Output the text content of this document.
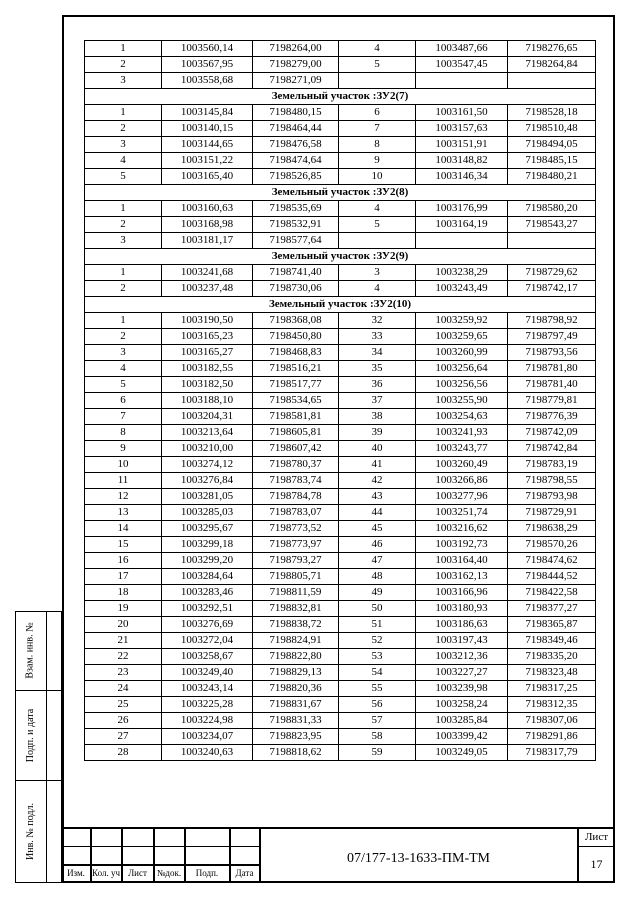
1	1003560,14	7198264,00	4	1003487,66	7198276,65
2	1003567,95	7198279,00	5	1003547,45	7198264,84
3	1003558,68	7198271,09			
Земельный участок :ЗУ2(7)					
1	1003145,84	7198480,15	6	1003161,50	7198528,18
2	1003140,15	7198464,44	7	1003157,63	7198510,48
3	1003144,65	7198476,58	8	1003151,91	7198494,05
4	1003151,22	7198474,64	9	1003148,82	7198485,15
5	1003165,40	7198526,85	10	1003146,34	7198480,21
Земельный участок :ЗУ2(8)					
1	1003160,63	7198535,69	4	1003176,99	7198580,20
2	1003168,98	7198532,91	5	1003164,19	7198543,27
3	1003181,17	7198577,64			
Земельный участок :ЗУ2(9)					
1	1003241,68	7198741,40	3	1003238,29	7198729,62
2	1003237,48	7198730,06	4	1003243,49	7198742,17
Земельный участок :ЗУ2(10)					
1	1003190,50	7198368,08	32	1003259,92	7198798,92
2	1003165,23	7198450,80	33	1003259,65	7198797,49
3	1003165,27	7198468,83	34	1003260,99	7198793,56
4	1003182,55	7198516,21	35	1003256,64	7198781,80
5	1003182,50	7198517,77	36	1003256,56	7198781,40
6	1003188,10	7198534,65	37	1003255,90	7198779,81
7	1003204,31	7198581,81	38	1003254,63	7198776,39
8	1003213,64	7198605,81	39	1003241,93	7198742,09
9	1003210,00	7198607,42	40	1003243,77	7198742,84
10	1003274,12	7198780,37	41	1003260,49	7198783,19
11	1003276,84	7198783,74	42	1003266,86	7198798,55
12	1003281,05	7198784,78	43	1003277,96	7198793,98
13	1003285,03	7198783,07	44	1003251,74	7198729,91
14	1003295,67	7198773,52	45	1003216,62	7198638,29
15	1003299,18	7198773,97	46	1003192,73	7198570,26
16	1003299,20	7198793,27	47	1003164,40	7198474,62
17	1003284,64	7198805,71	48	1003162,13	7198444,52
18	1003283,46	7198811,59	49	1003166,96	7198422,58
19	1003292,51	7198832,81	50	1003180,93	7198377,27
20	1003276,69	7198838,72	51	1003186,63	7198365,87
21	1003272,04	7198824,91	52	1003197,43	7198349,46
22	1003258,67	7198822,80	53	1003212,36	7198335,20
23	1003249,40	7198829,13	54	1003227,27	7198323,48
24	1003243,14	7198820,36	55	1003239,98	7198317,25
25	1003225,28	7198831,67	56	1003258,24	7198312,35
26	1003224,98	7198831,33	57	1003285,84	7198307,06
27	1003234,07	7198823,95	58	1003399,42	7198291,86
28	1003240,63	7198818,62	59	1003249,05	7198317,79
Взам. инв. №
Подп. и дата
Инв. № подл.
Изм. Кол. уч Лист	№док.	Подп.	Дата
07/177-13-1633-ПМ-ТМ
Лист
17
